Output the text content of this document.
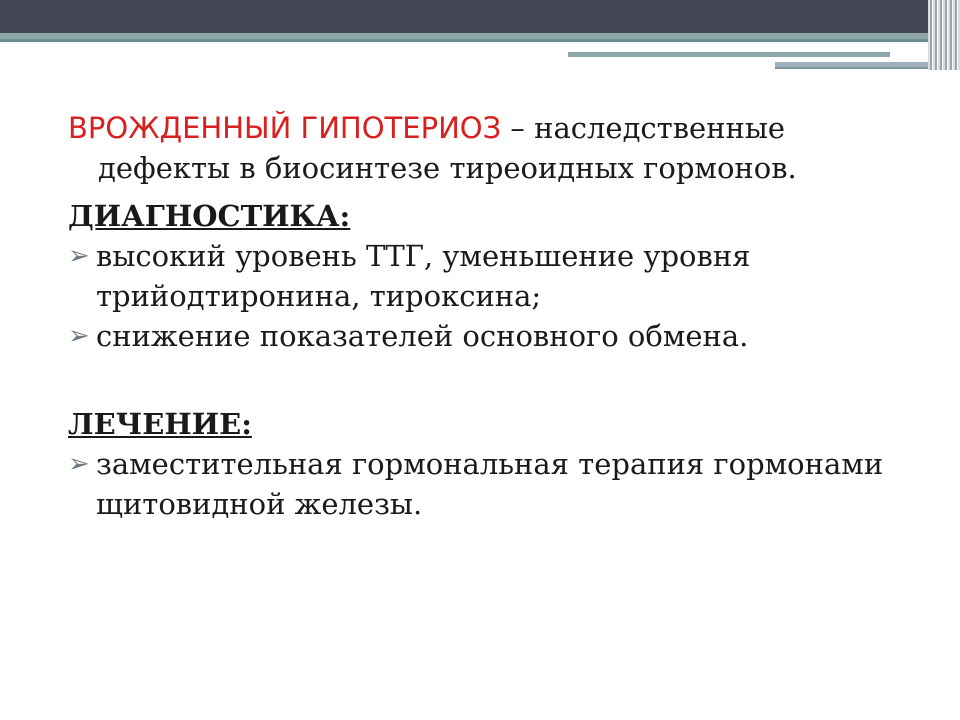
ВРОЖДЕННЫЙ ГИПОТЕРИОЗ – наследственные дефекты в биосинтезе тиреоидных гормонов.

ДИАГНОСТИКА:

➢ высокий уровень ТТГ, уменьшение уровня трийодтиронина, тироксина;
➢ снижение показателей основного обмена.

ЛЕЧЕНИЕ:

➢ заместительная гормональная терапия гормонами щитовидной железы.
